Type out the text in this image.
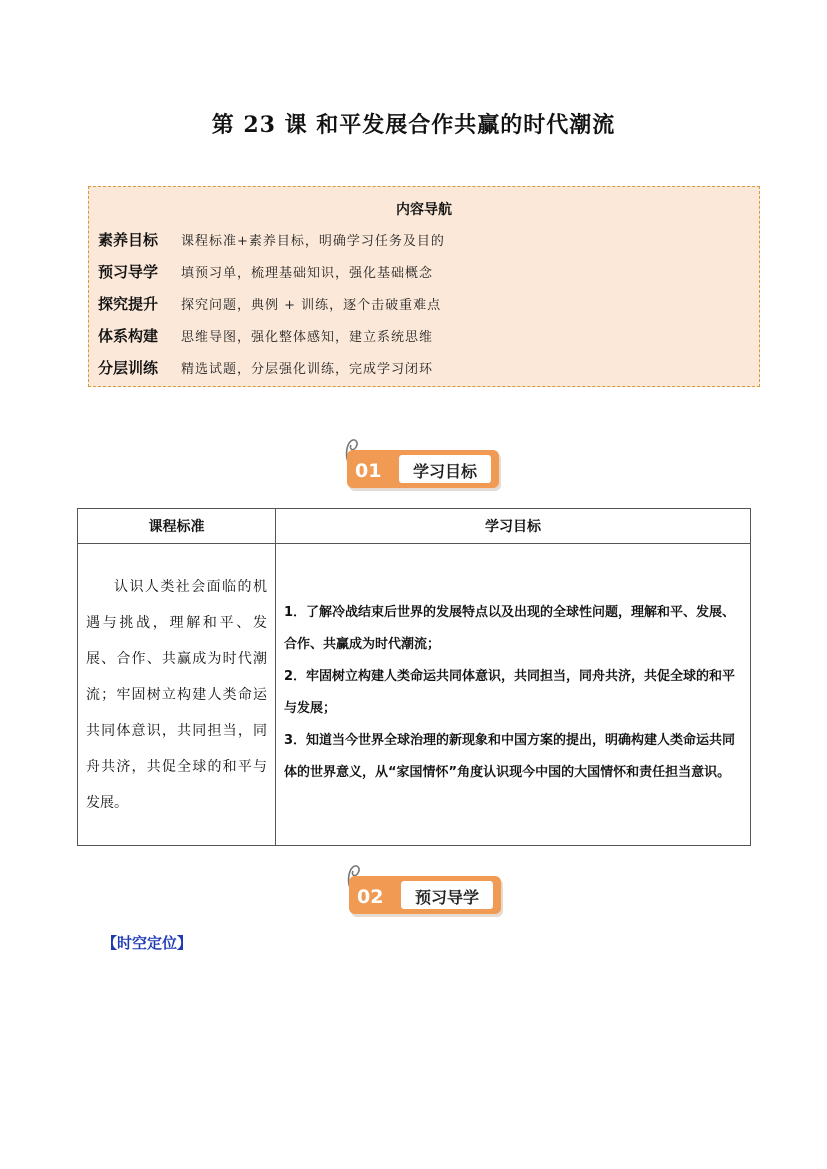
第 23 课 和平发展合作共赢的时代潮流
内容导航
素养目标	课程标准+素养目标，明确学习任务及目的
预习导学	填预习单，梳理基础知识，强化基础概念
探究提升	探究问题，典例 + 训练，逐个击破重难点
体系构建	思维导图，强化整体感知，建立系统思维
分层训练	精选试题，分层强化训练，完成学习闭环
01	学习目标
课程标准	学习目标

认识人类社会面临的机遇与挑战，理解和平、发展、合作、共赢成为时代潮流；牢固树立构建人类命运共同体意识，共同担当，同舟共济，共促全球的和平与发展。	1．了解冷战结束后世界的发展特点以及出现的全球性问题，理解和平、发展、合作、共赢成为时代潮流；
2．牢固树立构建人类命运共同体意识，共同担当，同舟共济，共促全球的和平与发展；
3．知道当今世界全球治理的新现象和中国方案的提出，明确构建人类命运共同体的世界意义，从“家国情怀”角度认识现今中国的大国情怀和责任担当意识。
02	预习导学
【时空定位】
